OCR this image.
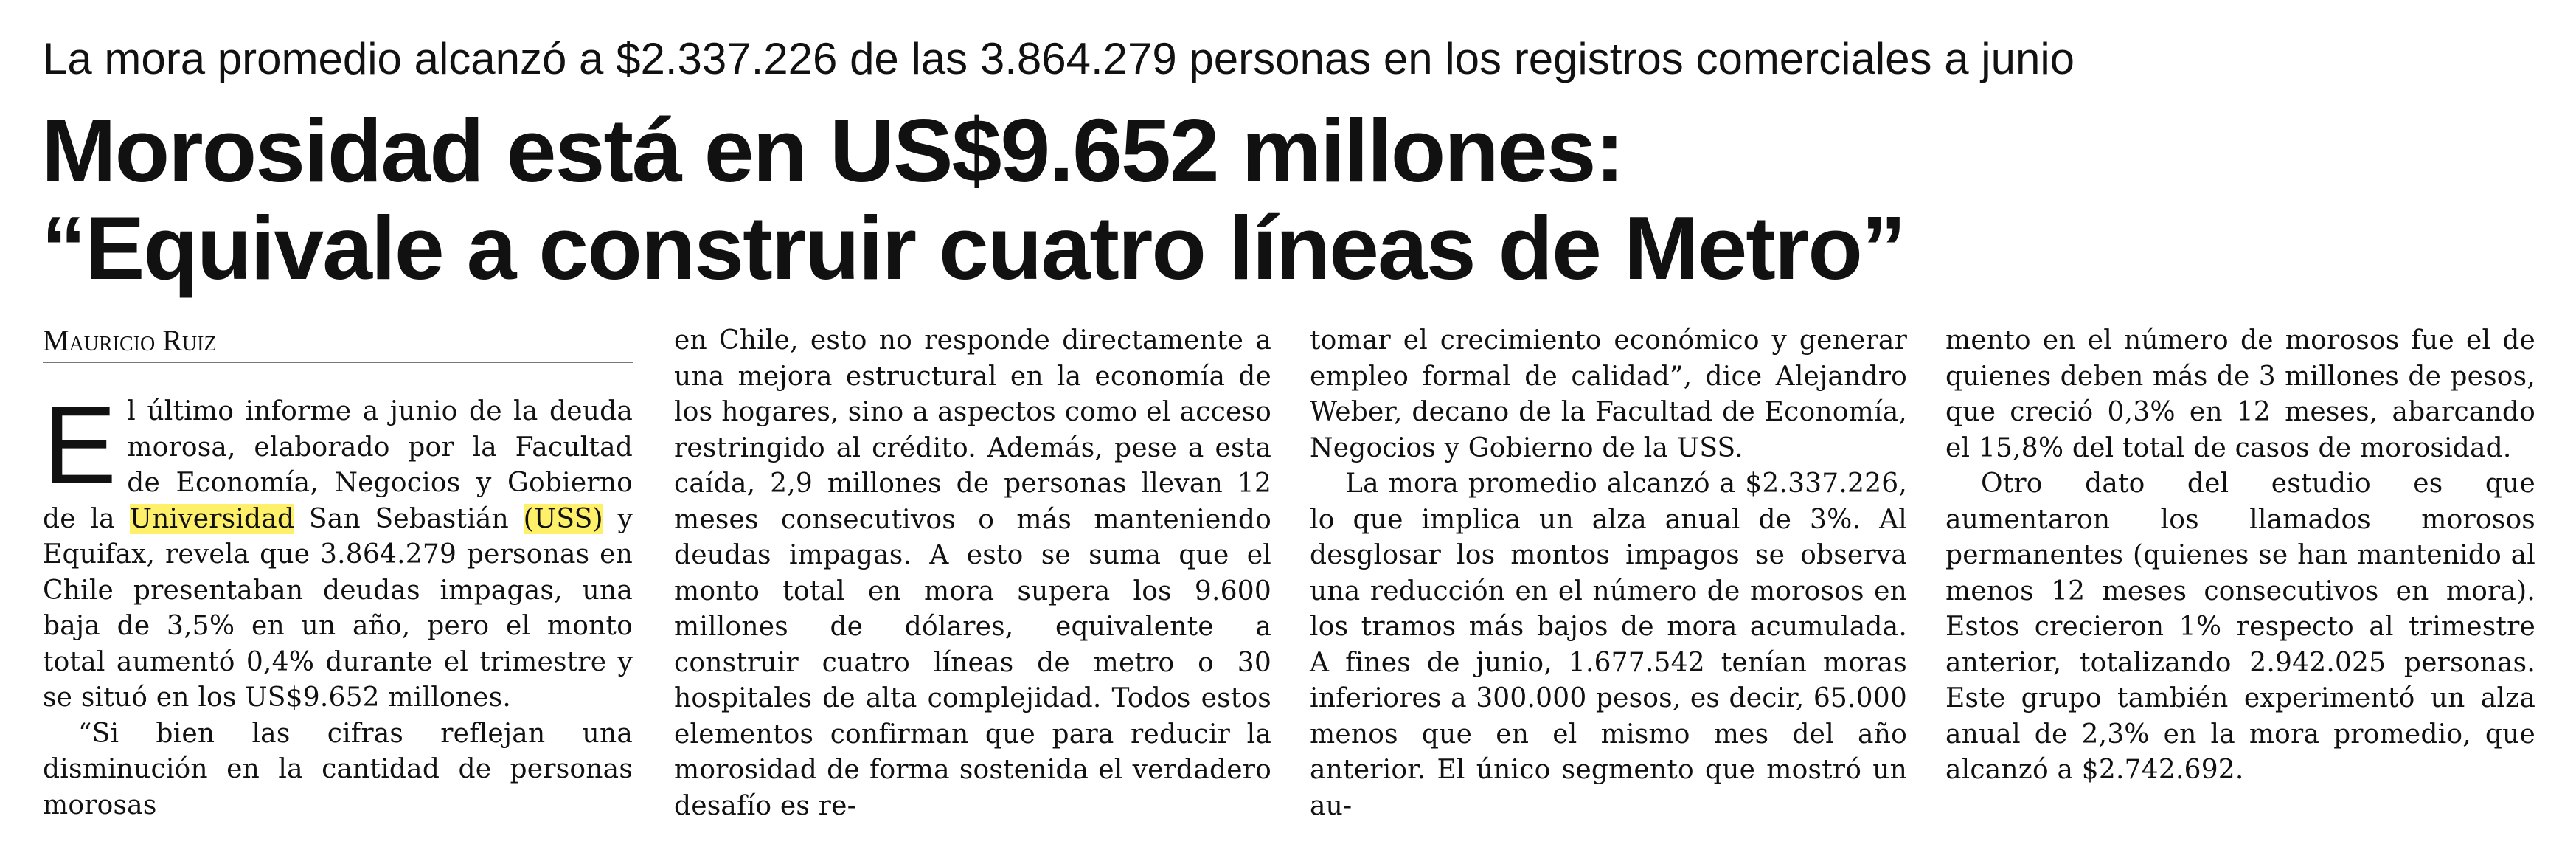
La mora promedio alcanzó a $2.337.226 de las 3.864.279 personas en los registros comerciales a junio
Morosidad está en US$9.652 millones: “Equivale a construir cuatro líneas de Metro”
Mauricio Ruiz

El último informe a junio de la deuda morosa, elaborado por la Facultad de Economía, Negocios y Gobierno de la Universidad San Sebastián (USS) y Equifax, revela que 3.864.279 personas en Chile presentaban deudas impagas, una baja de 3,5% en un año, pero el monto total aumentó 0,4% durante el trimestre y se situó en los US$9.652 millones.

“Si bien las cifras reflejan una disminución en la cantidad de personas morosas

en Chile, esto no responde directamente a una mejora estructural en la economía de los hogares, sino a aspectos como el acceso restringido al crédito. Además, pese a esta caída, 2,9 millones de personas llevan 12 meses consecutivos o más manteniendo deudas impagas. A esto se suma que el monto total en mora supera los 9.600 millones de dólares, equivalente a construir cuatro líneas de metro o 30 hospitales de alta complejidad. Todos estos elementos confirman que para reducir la morosidad de forma sostenida el verdadero desafío es re-

tomar el crecimiento económico y generar empleo formal de calidad”, dice Alejandro Weber, decano de la Facultad de Economía, Negocios y Gobierno de la USS.

La mora promedio alcanzó a $2.337.226, lo que implica un alza anual de 3%. Al desglosar los montos impagos se observa una reducción en el número de morosos en los tramos más bajos de mora acumulada. A fines de junio, 1.677.542 tenían moras inferiores a 300.000 pesos, es decir, 65.000 menos que en el mismo mes del año anterior. El único segmento que mostró un au-

mento en el número de morosos fue el de quienes deben más de 3 millones de pesos, que creció 0,3% en 12 meses, abarcando el 15,8% del total de casos de morosidad.

Otro dato del estudio es que aumentaron los llamados morosos permanentes (quienes se han mantenido al menos 12 meses consecutivos en mora). Estos crecieron 1% respecto al trimestre anterior, totalizando 2.942.025 personas. Este grupo también experimentó un alza anual de 2,3% en la mora promedio, que alcanzó a $2.742.692.
